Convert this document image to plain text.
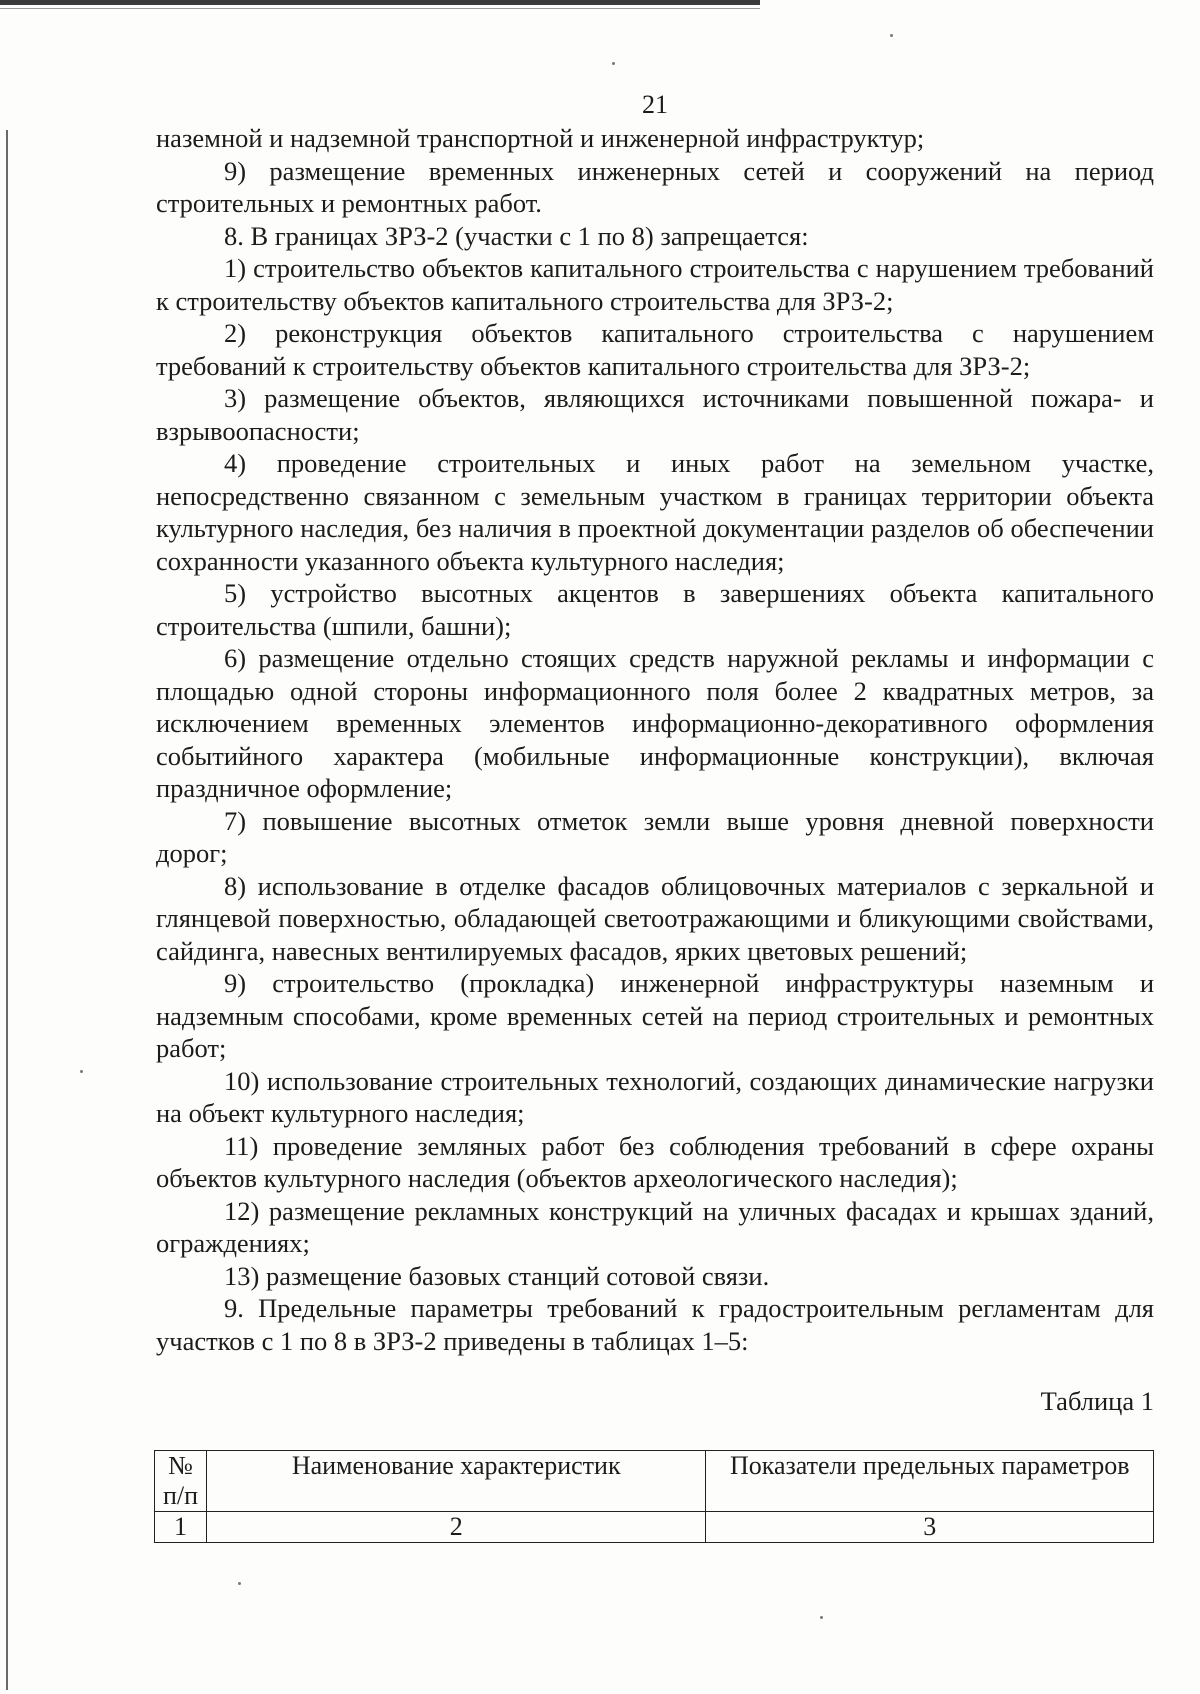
21

наземной и надземной транспортной и инженерной инфраструктур;

9) размещение временных инженерных сетей и сооружений на период строительных и ремонтных работ.

8. В границах ЗРЗ-2 (участки с 1 по 8) запрещается:

1) строительство объектов капитального строительства с нарушением требований к строительству объектов капитального строительства для ЗРЗ-2;

2) реконструкция объектов капитального строительства с нарушением требований к строительству объектов капитального строительства для ЗРЗ-2;

3) размещение объектов, являющихся источниками повышенной пожара- и взрывоопасности;

4) проведение строительных и иных работ на земельном участке, непосредственно связанном с земельным участком в границах территории объекта культурного наследия, без наличия в проектной документации разделов об обеспечении сохранности указанного объекта культурного наследия;

5) устройство высотных акцентов в завершениях объекта капитального строительства (шпили, башни);

6) размещение отдельно стоящих средств наружной рекламы и информации с площадью одной стороны информационного поля более 2 квадратных метров, за исключением временных элементов информационно-декоративного оформления событийного характера (мобильные информационные конструкции), включая праздничное оформление;

7) повышение высотных отметок земли выше уровня дневной поверхности дорог;

8) использование в отделке фасадов облицовочных материалов с зеркальной и глянцевой поверхностью, обладающей светоотражающими и бликующими свойствами, сайдинга, навесных вентилируемых фасадов, ярких цветовых решений;

9) строительство (прокладка) инженерной инфраструктуры наземным и надземным способами, кроме временных сетей на период строительных и ремонтных работ;

10) использование строительных технологий, создающих динамические нагрузки на объект культурного наследия;

11) проведение земляных работ без соблюдения требований в сфере охраны объектов культурного наследия (объектов археологического наследия);

12) размещение рекламных конструкций на уличных фасадах и крышах зданий, ограждениях;

13) размещение базовых станций сотовой связи.

9. Предельные параметры требований к градостроительным регламентам для участков с 1 по 8 в ЗРЗ-2 приведены в таблицах 1–5:

Таблица 1
№ п/п	Наименование характеристик	Показатели предельных параметров
1	2	3
